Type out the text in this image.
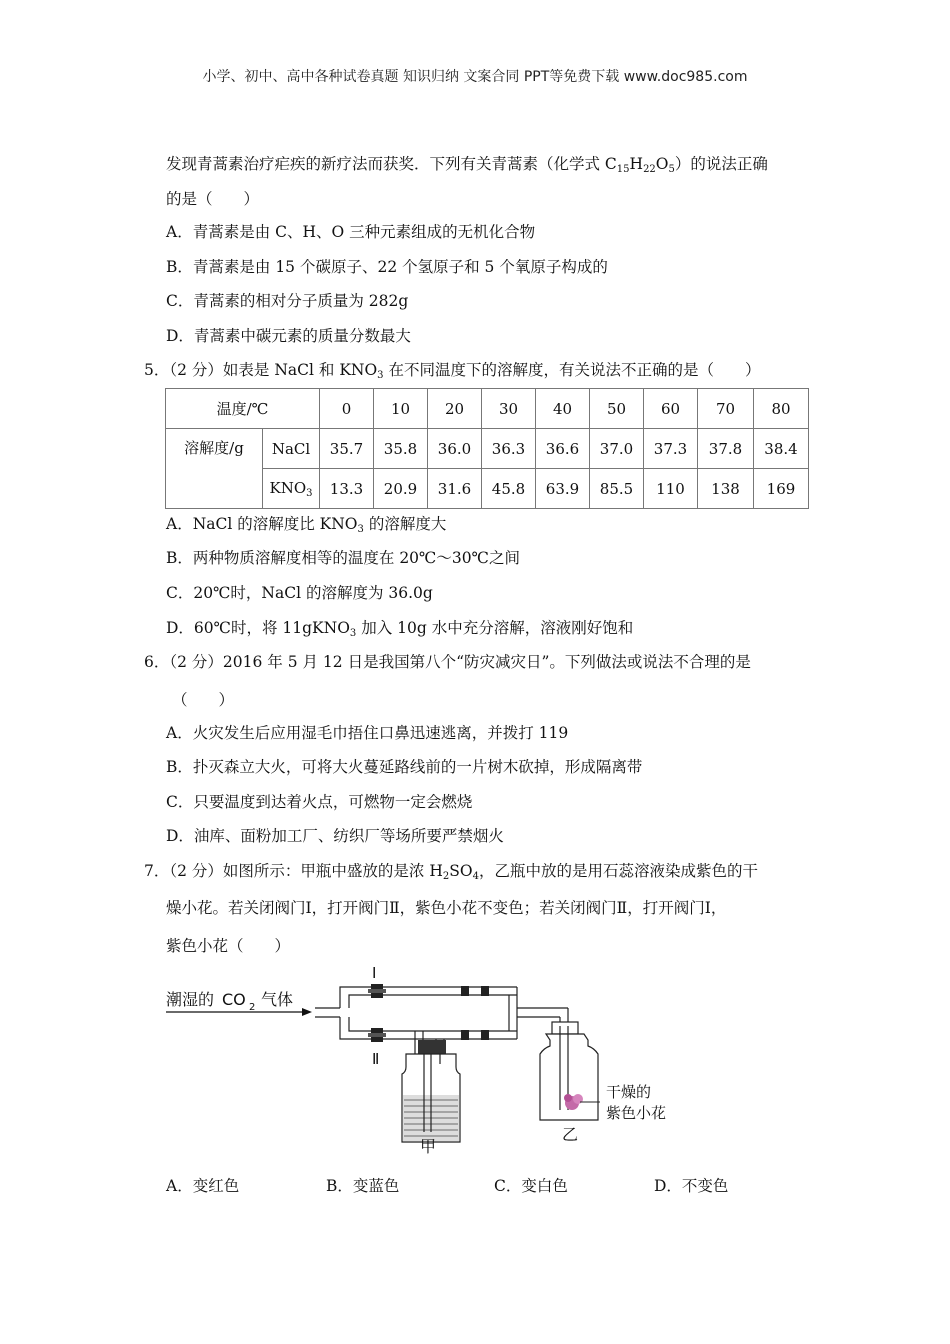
小学、初中、高中各种试卷真题 知识归纳 文案合同 PPT等免费下载 www.doc985.com
发现青蒿素治疗疟疾的新疗法而获奖．下列有关青蒿素（化学式 $C_{15}H_{22}O_5$）的说法正确
的是（　　）
A．青蒿素是由 C、H、O 三种元素组成的无机化合物
B．青蒿素是由 15 个碳原子、22 个氢原子和 5 个氧原子构成的
C．青蒿素的相对分子质量为 282g
D．青蒿素中碳元素的质量分数最大
5．（2 分）如表是 NaCl 和 $KNO_3$ 在不同温度下的溶解度，有关说法不正确的是（　　）
温度/℃		0	10	20	30	40	50	60	70	80
溶解度/g	NaCl	35.7	35.8	36.0	36.3	36.6	37.0	37.3	37.8	38.4
	$KNO_3$	13.3	20.9	31.6	45.8	63.9	85.5	110	138	169
A．NaCl 的溶解度比 $KNO_3$ 的溶解度大
B．两种物质溶解度相等的温度在 20℃～30℃之间
C．20℃时，NaCl 的溶解度为 36.0g
D．60℃时，将 11gKNO$_3$ 加入 10g 水中充分溶解，溶液刚好饱和
6．（2 分）2016 年 5 月 12 日是我国第八个“防灾减灾日”。下列做法或说法不合理的是
（　　）
A．火灾发生后应用湿毛巾捂住口鼻迅速逃离，并拨打 119
B．扑灭森立大火，可将大火蔓延路线前的一片树木砍掉，形成隔离带
C．只要温度到达着火点，可燃物一定会燃烧
D．油库、面粉加工厂、纺织厂等场所要严禁烟火
7．（2 分）如图所示：甲瓶中盛放的是浓 $H_2SO_4$，乙瓶中放的是用石蕊溶液染成紫色的干
燥小花。若关闭阀门Ⅰ，打开阀门Ⅱ，紫色小花不变色；若关闭阀门Ⅱ，打开阀门Ⅰ，
紫色小花（　　）
潮湿的 CO 2 气体
Ⅰ
Ⅱ
甲
干燥的
紫色小花
乙
A．变红色	B．变蓝色	C．变白色	D．不变色
